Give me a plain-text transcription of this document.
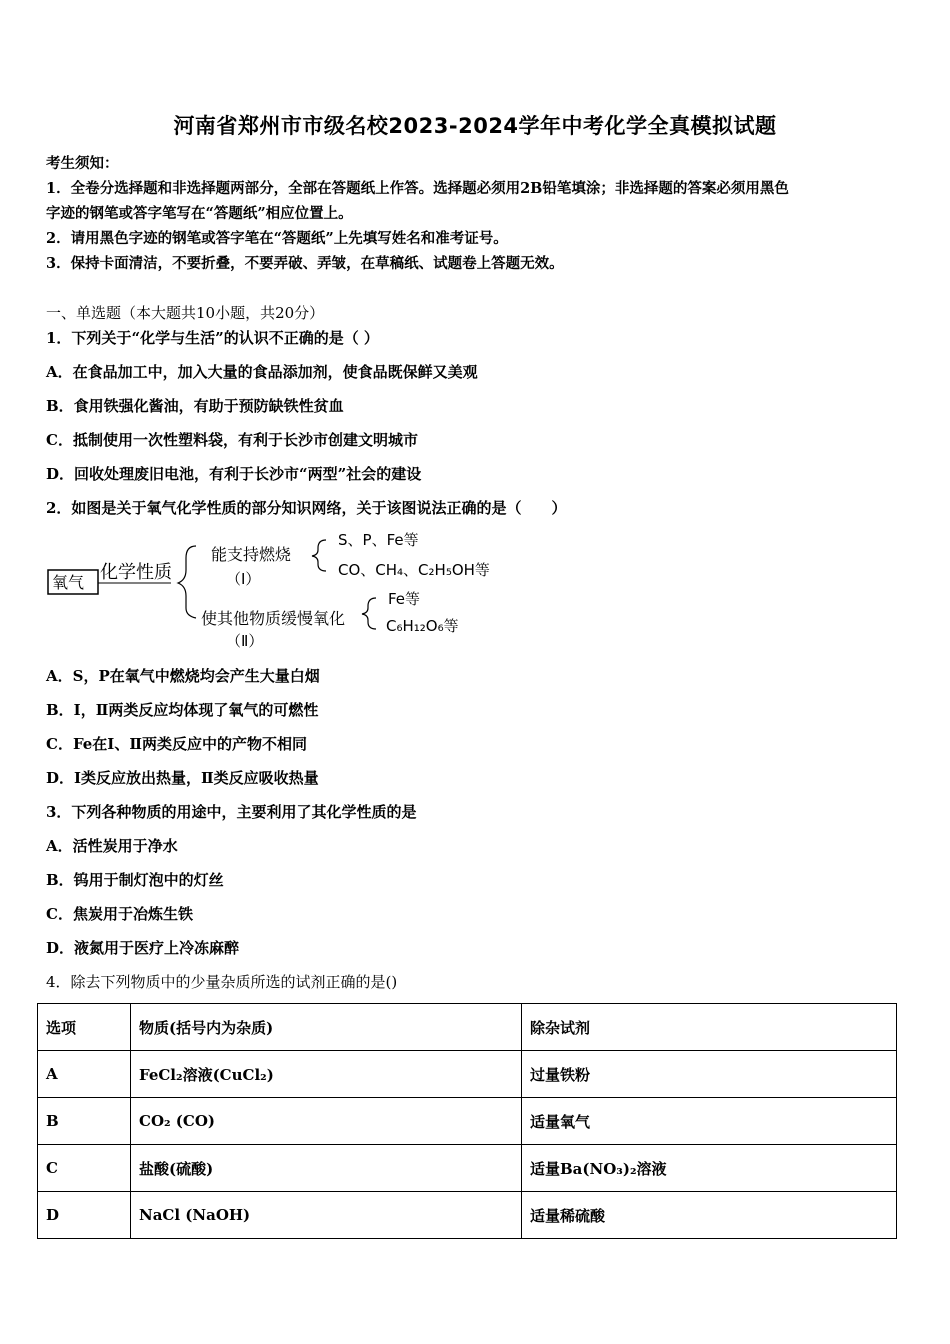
河南省郑州市市级名校2023-2024学年中考化学全真模拟试题
考生须知：
1．全卷分选择题和非选择题两部分，全部在答题纸上作答。选择题必须用2B铅笔填涂；非选择题的答案必须用黑色
字迹的钢笔或答字笔写在“答题纸”相应位置上。
2．请用黑色字迹的钢笔或答字笔在“答题纸”上先填写姓名和准考证号。
3．保持卡面清洁，不要折叠，不要弄破、弄皱，在草稿纸、试题卷上答题无效。
一、单选题（本大题共10小题，共20分）
1．下列关于“化学与生活”的认识不正确的是（ ）
A．在食品加工中，加入大量的食品添加剂，使食品既保鲜又美观
B．食用铁强化酱油，有助于预防缺铁性贫血
C．抵制使用一次性塑料袋，有利于长沙市创建文明城市
D．回收处理废旧电池，有利于长沙市“两型”社会的建设
2．如图是关于氧气化学性质的部分知识网络，关于该图说法正确的是（　　）
氧气 化学性质
能支持燃烧
（Ⅰ）
S、P、Fe等
CO、CH₄、C₂H₅OH等
使其他物质缓慢氧化
（Ⅱ）
Fe等
C₆H₁₂O₆等
A．S，P在氧气中燃烧均会产生大量白烟
B．Ⅰ，Ⅱ两类反应均体现了氧气的可燃性
C．Fe在Ⅰ、Ⅱ两类反应中的产物不相同
D．Ⅰ类反应放出热量，Ⅱ类反应吸收热量
3．下列各种物质的用途中，主要利用了其化学性质的是
A．活性炭用于净水
B．钨用于制灯泡中的灯丝
C．焦炭用于冶炼生铁
D．液氮用于医疗上冷冻麻醉
4．除去下列物质中的少量杂质所选的试剂正确的是()
选项	物质(括号内为杂质)	除杂试剂
A	FeCl₂溶液(CuCl₂)	过量铁粉
B	CO₂ (CO)	适量氧气
C	盐酸(硫酸)	适量Ba(NO₃)₂溶液
D	NaCl (NaOH)	适量稀硫酸
